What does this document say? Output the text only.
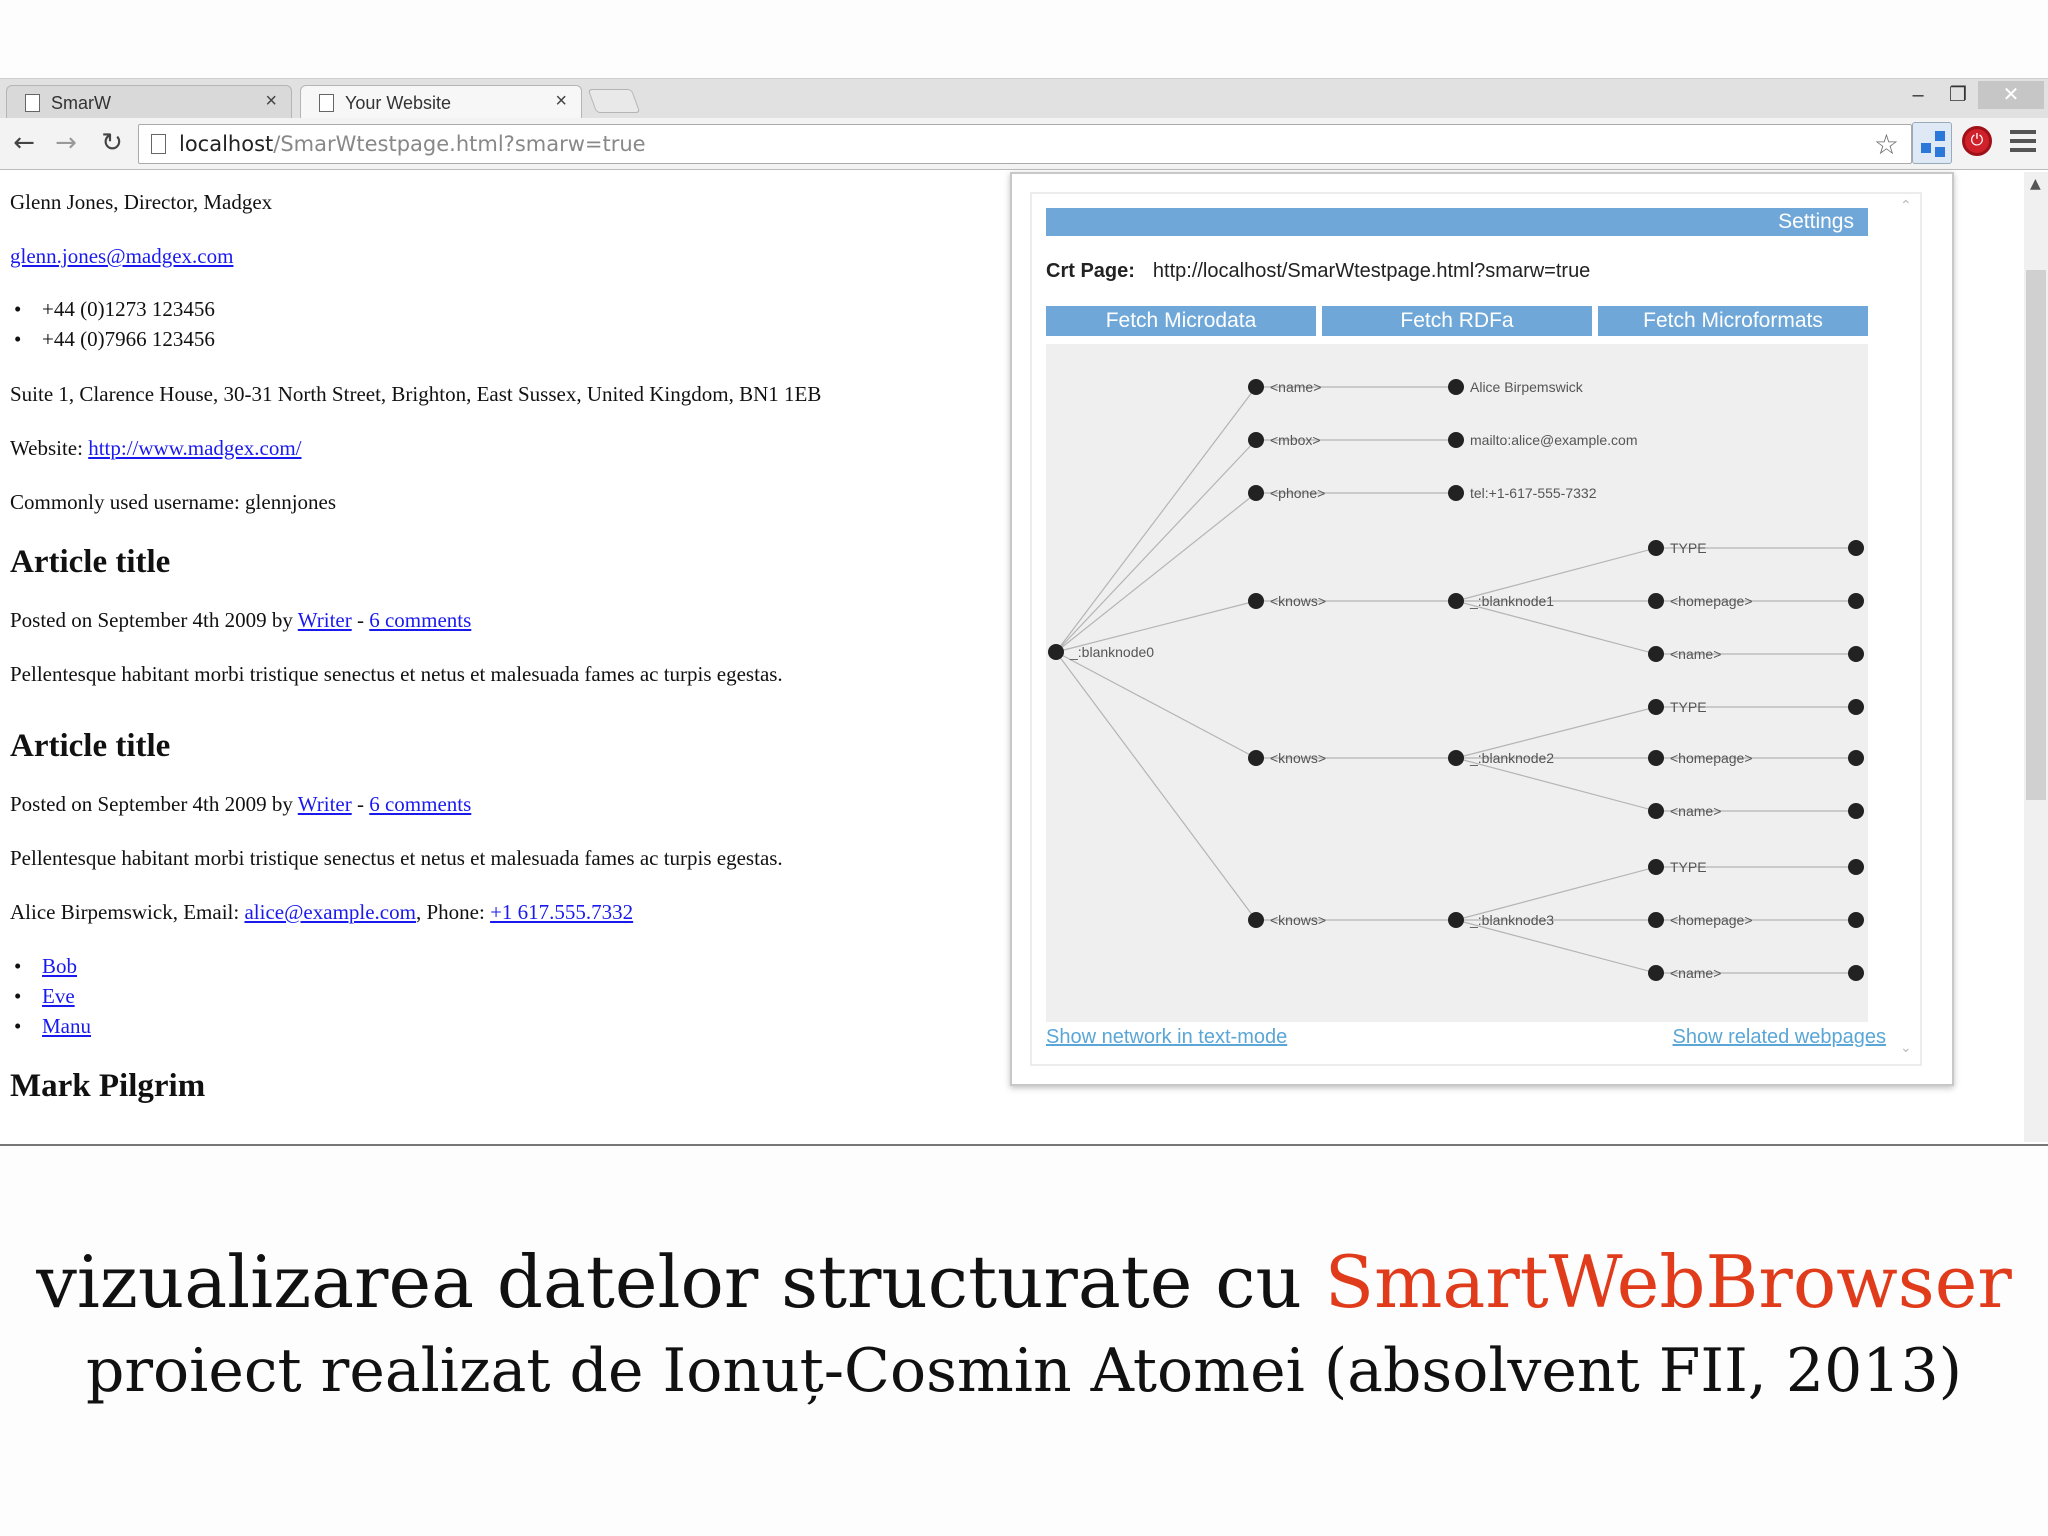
SmarW	×	Your Website	×	–	❐	✕
← → ↻	localhost/SmarWtestpage.html?smarw=true	☆	⏻

Glenn Jones, Director, Madgex

glenn.jones@madgex.com

• +44 (0)1273 123456
• +44 (0)7966 123456

Suite 1, Clarence House, 30-31 North Street, Brighton, East Sussex, United Kingdom, BN1 1EB

Website: http://www.madgex.com/

Commonly used username: glennjones

Article title

Posted on September 4th 2009 by Writer - 6 comments

Pellentesque habitant morbi tristique senectus et netus et malesuada fames ac turpis egestas.

Article title

Posted on September 4th 2009 by Writer - 6 comments

Pellentesque habitant morbi tristique senectus et netus et malesuada fames ac turpis egestas.

Alice Birpemswick, Email: alice@example.com, Phone: +1 617.555.7332

• Bob
• Eve
• Manu
Mark Pilgrim
▲
Settings
Crt Page: http://localhost/SmarWtestpage.html?smarw=true
Fetch Microdata	Fetch RDFa	Fetch Microformats
_:blanknode0
<name>	Alice Birpemswick
<mbox>	mailto:alice@example.com
<phone>	tel:+1-617-555-7332
<knows>	_:blanknode1
TYPE
<homepage>
<name>
<knows>	_:blanknode2
TYPE
<homepage>
<name>
<knows>	_:blanknode3
TYPE
<homepage>
<name>
Show network in text-mode	Show related webpages
⌃
⌄
vizualizarea datelor structurate cu SmartWebBrowser
proiect realizat de Ionuț-Cosmin Atomei (absolvent FII, 2013)
